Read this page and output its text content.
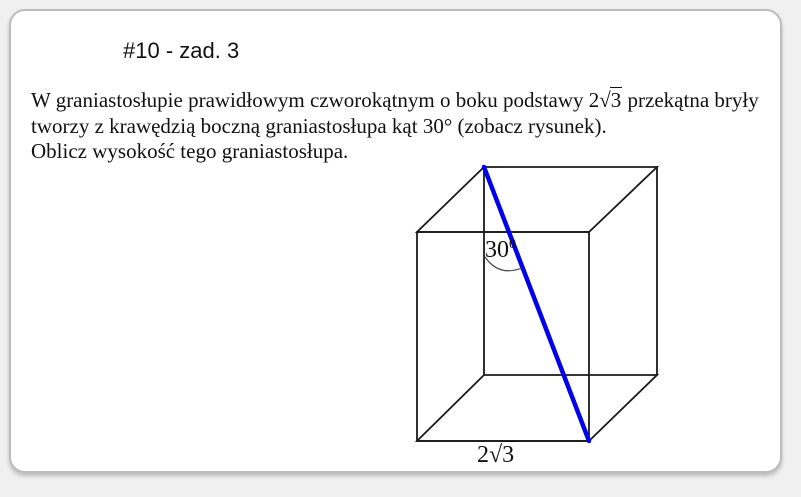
#10 - zad. 3
W graniastosłupie prawidłowym czworokątnym o boku podstawy 2√3 przekątna bryły
tworzy z krawędzią boczną graniastosłupa kąt 30° (zobacz rysunek).
Oblicz wysokość tego graniastosłupa.
$30^0$
2√3
